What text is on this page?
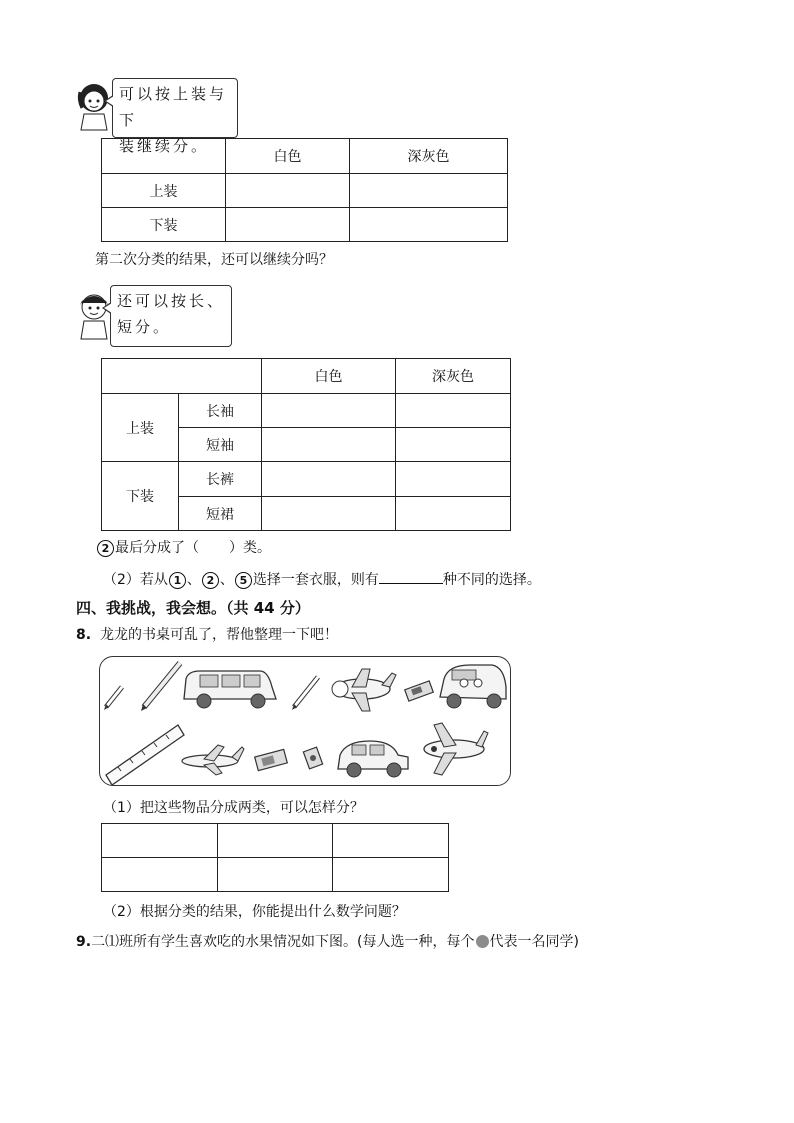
可以按上装与下
装继续分。
	白色	深灰色
上装		
下装		
第二次分类的结果，还可以继续分吗？
还可以按长、
短分。
		白色	深灰色
上装	长袖		
	短袖		
下装	长裤		
	短裙		
2 最后分成了（ ）类。
（2）若从 1 、 2 、 5 选择一套衣服，则有	种不同的选择。
四、我挑战，我会想。（共 44 分）
8. 龙龙的书桌可乱了，帮他整理一下吧！
（1）把这些物品分成两类，可以怎样分？

（2）根据分类的结果，你能提出什么数学问题？
9.二⑴班所有学生喜欢吃的水果情况如下图。(每人选一种，每个 代表一名同学)
